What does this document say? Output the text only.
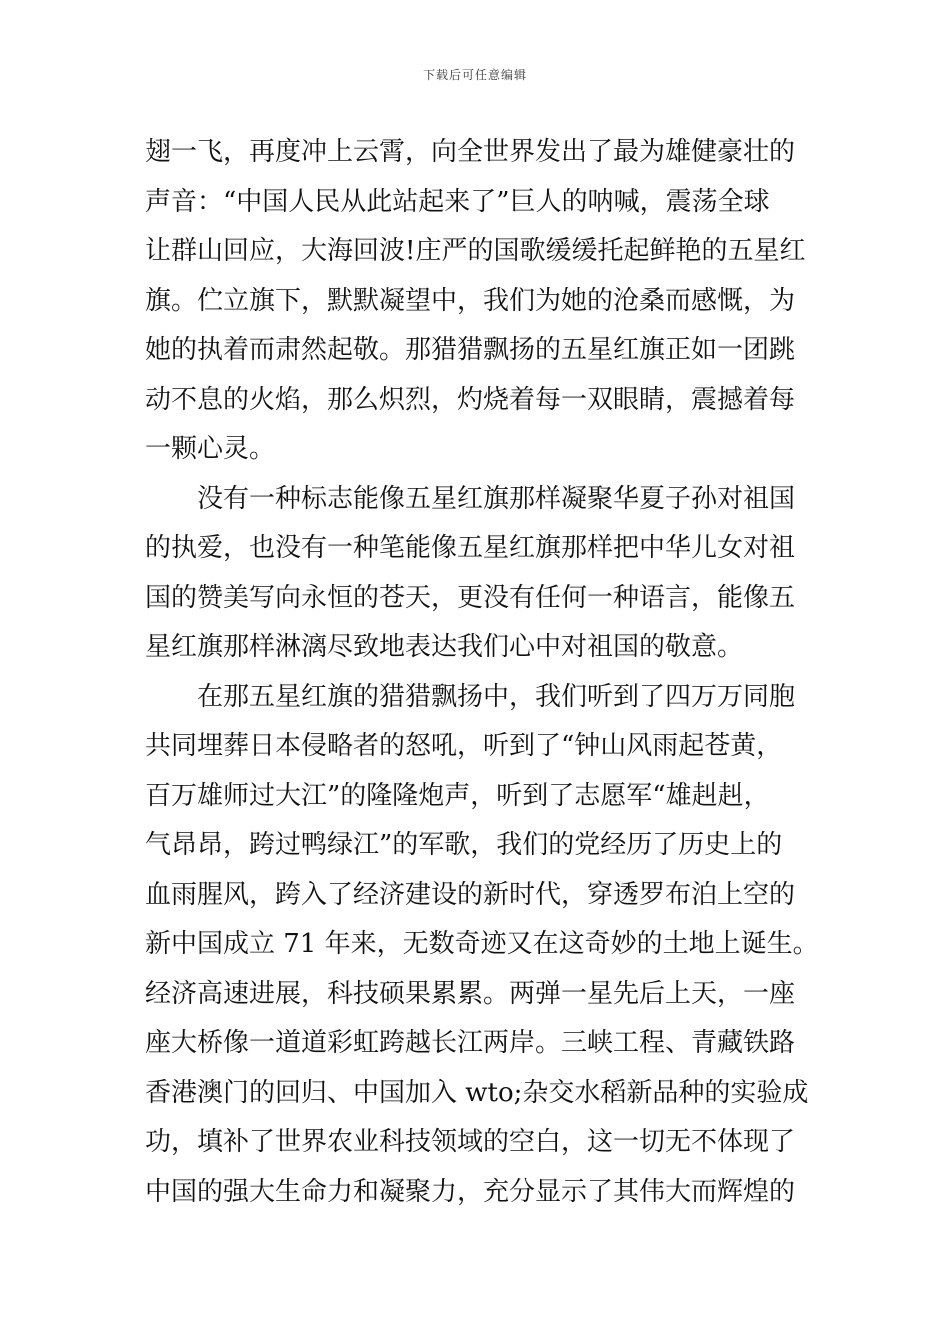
下载后可任意编辑
翅一飞，再度冲上云霄，向全世界发出了最为雄健豪壮的
声音：“中国人民从此站起来了”巨人的呐喊，震荡全球
让群山回应，大海回波!庄严的国歌缓缓托起鲜艳的五星红
旗。伫立旗下，默默凝望中，我们为她的沧桑而感慨，为
她的执着而肃然起敬。那猎猎飘扬的五星红旗正如一团跳
动不息的火焰，那么炽烈，灼烧着每一双眼睛，震撼着每
一颗心灵。
没有一种标志能像五星红旗那样凝聚华夏子孙对祖国
的执爱，也没有一种笔能像五星红旗那样把中华儿女对祖
国的赞美写向永恒的苍天，更没有任何一种语言，能像五
星红旗那样淋漓尽致地表达我们心中对祖国的敬意。
在那五星红旗的猎猎飘扬中，我们听到了四万万同胞
共同埋葬日本侵略者的怒吼，听到了“钟山风雨起苍黄，
百万雄师过大江”的隆隆炮声，听到了志愿军“雄赳赳，
气昂昂，跨过鸭绿江”的军歌，我们的党经历了历史上的
血雨腥风，跨入了经济建设的新时代，穿透罗布泊上空的
新中国成立 71 年来，无数奇迹又在这奇妙的土地上诞生。
经济高速进展，科技硕果累累。两弹一星先后上天，一座
座大桥像一道道彩虹跨越长江两岸。三峡工程、青藏铁路
香港澳门的回归、中国加入 wto;杂交水稻新品种的实验成
功，填补了世界农业科技领域的空白，这一切无不体现了
中国的强大生命力和凝聚力，充分显示了其伟大而辉煌的
